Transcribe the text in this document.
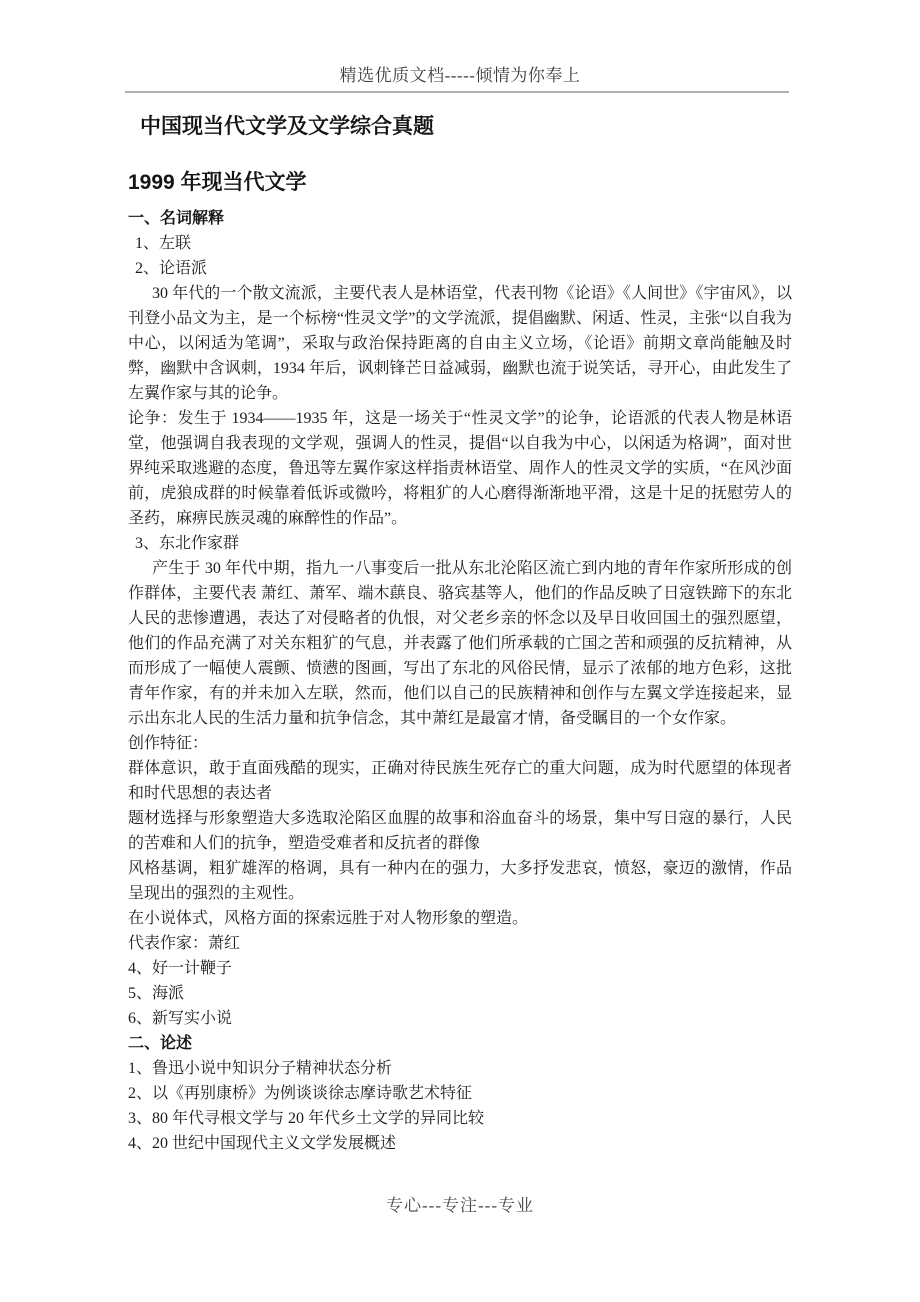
精选优质文档-----倾情为你奉上
中国现当代文学及文学综合真题
1999 年现当代文学
一、名词解释
1、左联
2、论语派
30 年代的一个散文流派，主要代表人是林语堂，代表刊物《论语》《人间世》《宇宙风》，以刊登小品文为主，是一个标榜“性灵文学”的文学流派，提倡幽默、闲适、性灵，主张“以自我为中心，以闲适为笔调”，采取与政治保持距离的自由主义立场，《论语》前期文章尚能触及时弊，幽默中含讽刺，1934 年后，讽刺锋芒日益减弱，幽默也流于说笑话，寻开心，由此发生了左翼作家与其的论争。
论争：发生于 1934——1935 年，这是一场关于“性灵文学”的论争，论语派的代表人物是林语堂，他强调自我表现的文学观，强调人的性灵，提倡“以自我为中心，以闲适为格调”，面对世界纯采取逃避的态度，鲁迅等左翼作家这样指责林语堂、周作人的性灵文学的实质，“在风沙面前，虎狼成群的时候靠着低诉或微吟，将粗犷的人心磨得渐渐地平滑，这是十足的抚慰劳人的圣药，麻痹民族灵魂的麻醉性的作品”。
3、东北作家群
产生于 30 年代中期，指九一八事变后一批从东北沦陷区流亡到内地的青年作家所形成的创作群体，主要代表 萧红、萧军、端木蕻良、骆宾基等人，他们的作品反映了日寇铁蹄下的东北人民的悲惨遭遇，表达了对侵略者的仇恨，对父老乡亲的怀念以及早日收回国土的强烈愿望，他们的作品充满了对关东粗犷的气息，并表露了他们所承载的亡国之苦和顽强的反抗精神，从而形成了一幅使人震颤、愤懑的图画，写出了东北的风俗民情，显示了浓郁的地方色彩，这批青年作家，有的并未加入左联，然而，他们以自己的民族精神和创作与左翼文学连接起来，显示出东北人民的生活力量和抗争信念，其中萧红是最富才情，备受瞩目的一个女作家。
创作特征：
群体意识，敢于直面残酷的现实，正确对待民族生死存亡的重大问题，成为时代愿望的体现者和时代思想的表达者
题材选择与形象塑造大多选取沦陷区血腥的故事和浴血奋斗的场景，集中写日寇的暴行，人民的苦难和人们的抗争，塑造受难者和反抗者的群像
风格基调，粗犷雄浑的格调，具有一种内在的强力，大多抒发悲哀，愤怒，豪迈的激情，作品呈现出的强烈的主观性。
在小说体式，风格方面的探索远胜于对人物形象的塑造。
代表作家：萧红
4、好一计鞭子
5、海派
6、新写实小说
二、论述
1、鲁迅小说中知识分子精神状态分析
2、以《再别康桥》为例谈谈徐志摩诗歌艺术特征
3、80 年代寻根文学与 20 年代乡土文学的异同比较
4、20 世纪中国现代主义文学发展概述
专心---专注---专业
